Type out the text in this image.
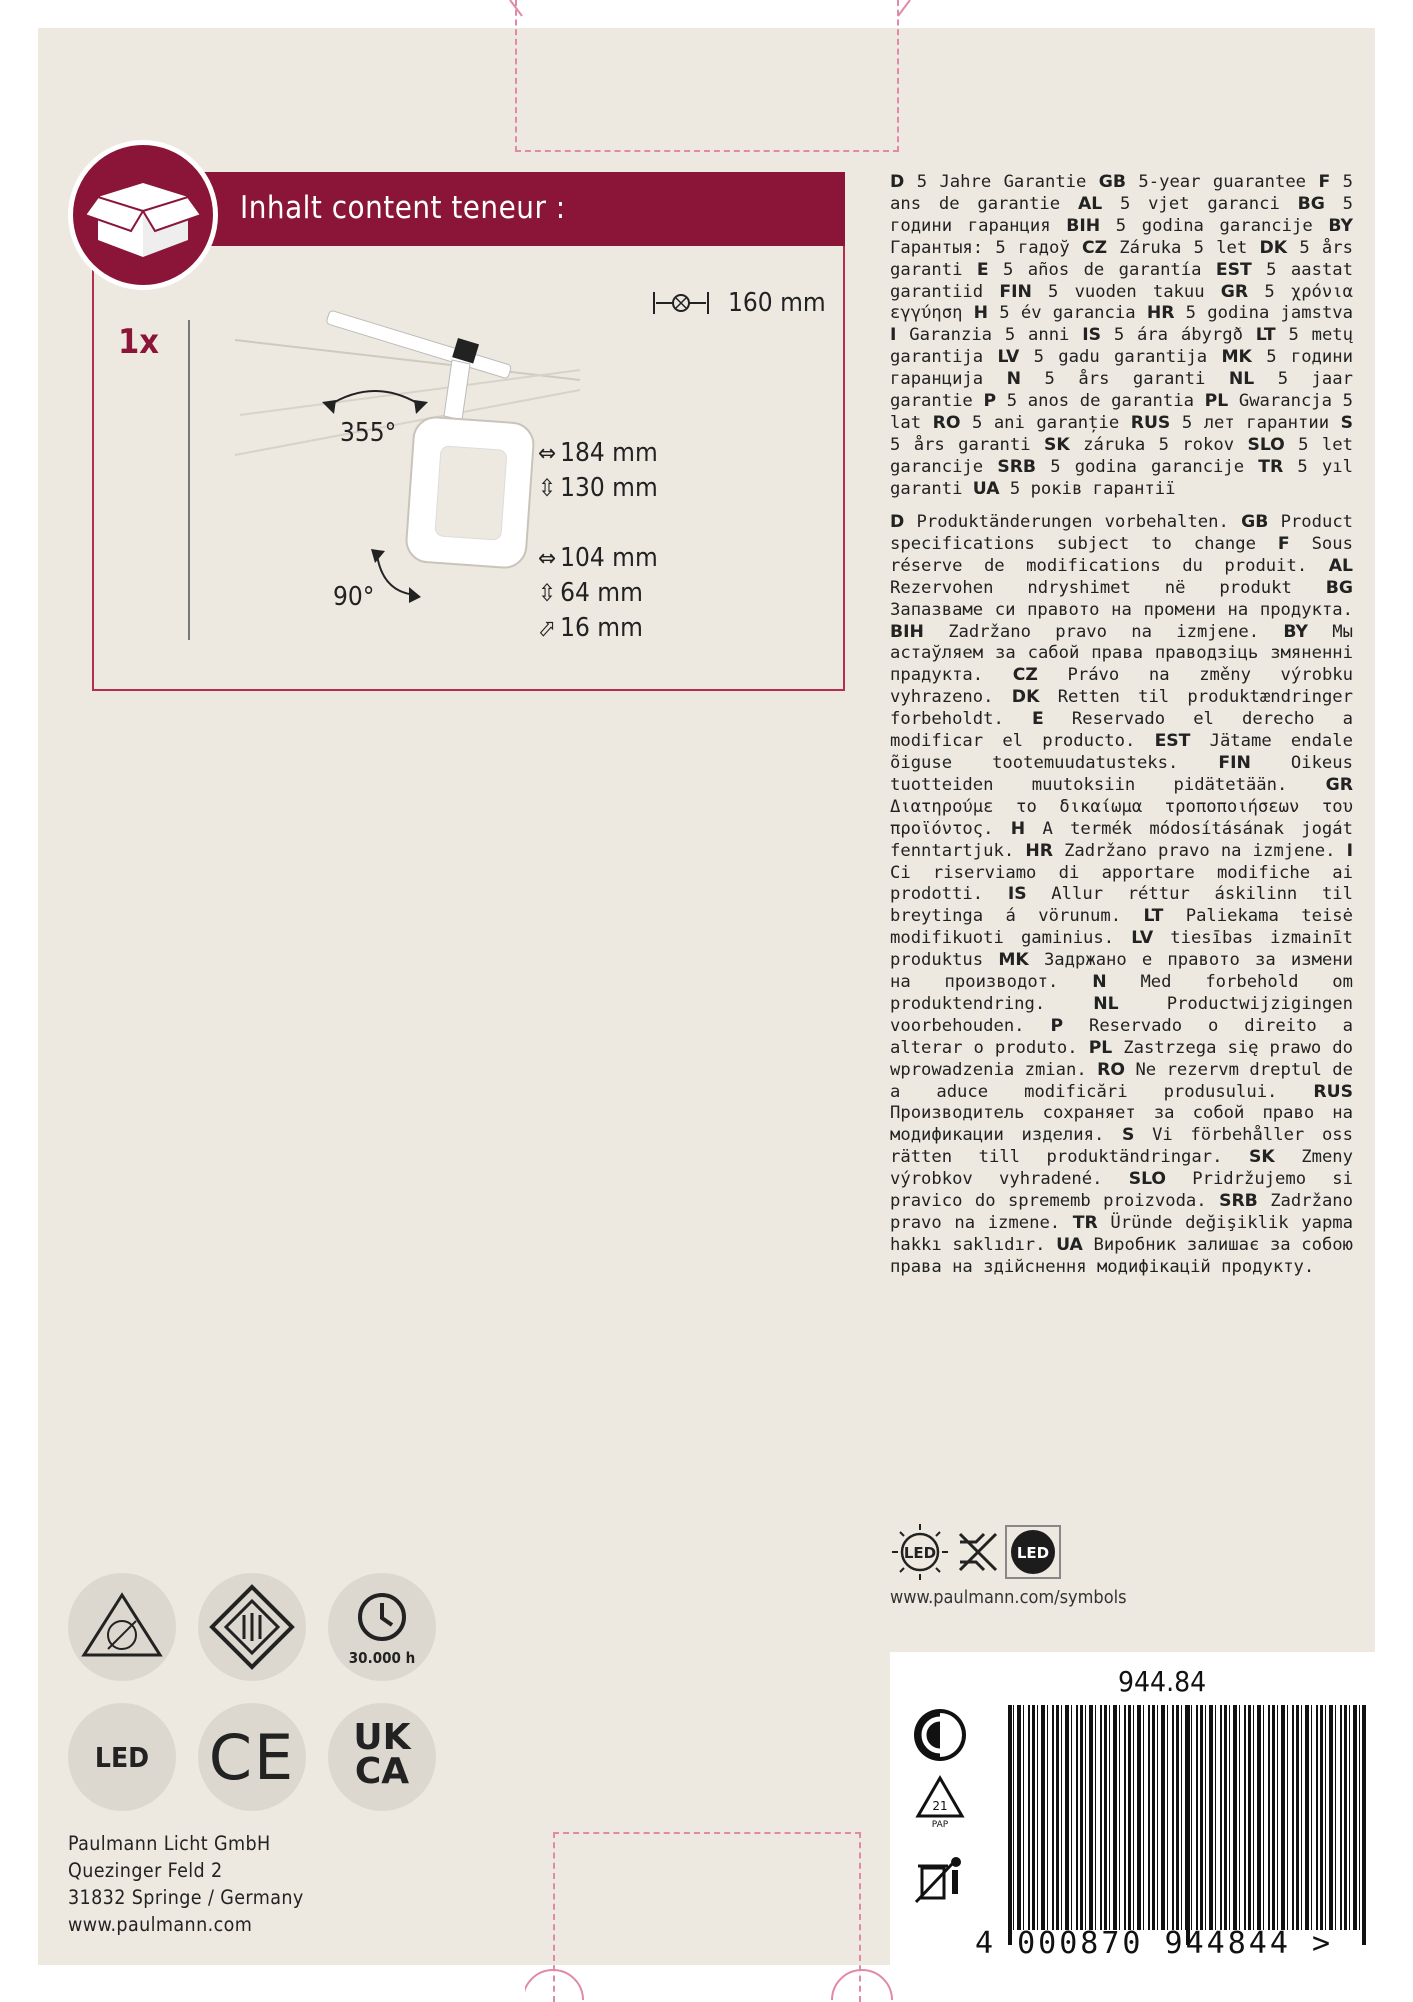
Inhalt content teneur :
1x
355°
90°
160 mm
⇔ 184 mm
⇳ 130 mm
⇔ 104 mm
⇳ 64 mm
⬀ 16 mm
D 5 Jahre Garantie GB 5-year guarantee F 5 ans de garantie AL 5 vjet garanci BG 5 години гаранция BIH 5 godina garancije BY Гарантыя: 5 гадоў CZ Záruka 5 let DK 5 års garanti E 5 años de garantía EST 5 aastat garantiid FIN 5 vuoden takuu GR 5 χρόνια εγγύηση H 5 év garancia HR 5 godina jamstva I Garanzia 5 anni IS 5 ára ábyrgð LT 5 metų garantija LV 5 gadu garantija MK 5 години гаранција N 5 års garanti NL 5 jaar garantie P 5 anos de garantia PL Gwarancja 5 lat RO 5 ani garanție RUS 5 лет гарантии S 5 års garanti SK záruka 5 rokov SLO 5 let garancije SRB 5 godina garancije TR 5 yıl garanti UA 5 років гарантії
D Produktänderungen vorbehalten. GB Product specifications subject to change F Sous réserve de modifications du produit. AL Rezervohen ndryshimet në produkt BG Запазваме си правото на промени на продукта. BIH Zadržano pravo na izmjene. BY Мы астаўляем за сабой права праводзіць змяненні прадукта. CZ Právo na změny výrobku vyhrazeno. DK Retten til produktændringer forbeholdt. E Reservado el derecho a modificar el producto. EST Jätame endale õiguse tootemuudatusteks. FIN Oikeus tuotteiden muutoksiin pidätetään. GR Διατηρούμε το δικαίωμα τροποποιήσεων του προϊόντος. H A termék módosításának jogát fenntartjuk. HR Zadržano pravo na izmjene. I Ci riserviamo di apportare modifiche ai prodotti. IS Allur réttur áskilinn til breytinga á vörunum. LT Paliekama teisė modifikuoti gaminius. LV tiesības izmainīt produktus MK Задржано е правото за измени на производот. N Med forbehold om produktendring.	NL	Productwijzigingen voorbehouden. P Reservado o direito a alterar o produto. PL Zastrzega się prawo do wprowadzenia zmian. RO Ne rezervm dreptul de a aduce modificări produsului. RUS Производитель сохраняет за собой право на модификации изделия. S Vi förbehåller oss rätten till produktändringar. SK Zmeny výrobkov vyhradené. SLO Pridržujemo si pravico do sprememb proizvoda. SRB Zadržano pravo na izmene. TR Üründe değişiklik yapma hakkı saklıdır. UA Виробник залишає за собою права на здійснення модифікацій продукту.
30.000 h
LED CE	UK
CA
Paulmann Licht GmbH
Quezinger Feld 2
31832 Springe / Germany
www.paulmann.com
LED	LED
www.paulmann.com/symbols
944.84
4 000870 944844 >
21
PAP
